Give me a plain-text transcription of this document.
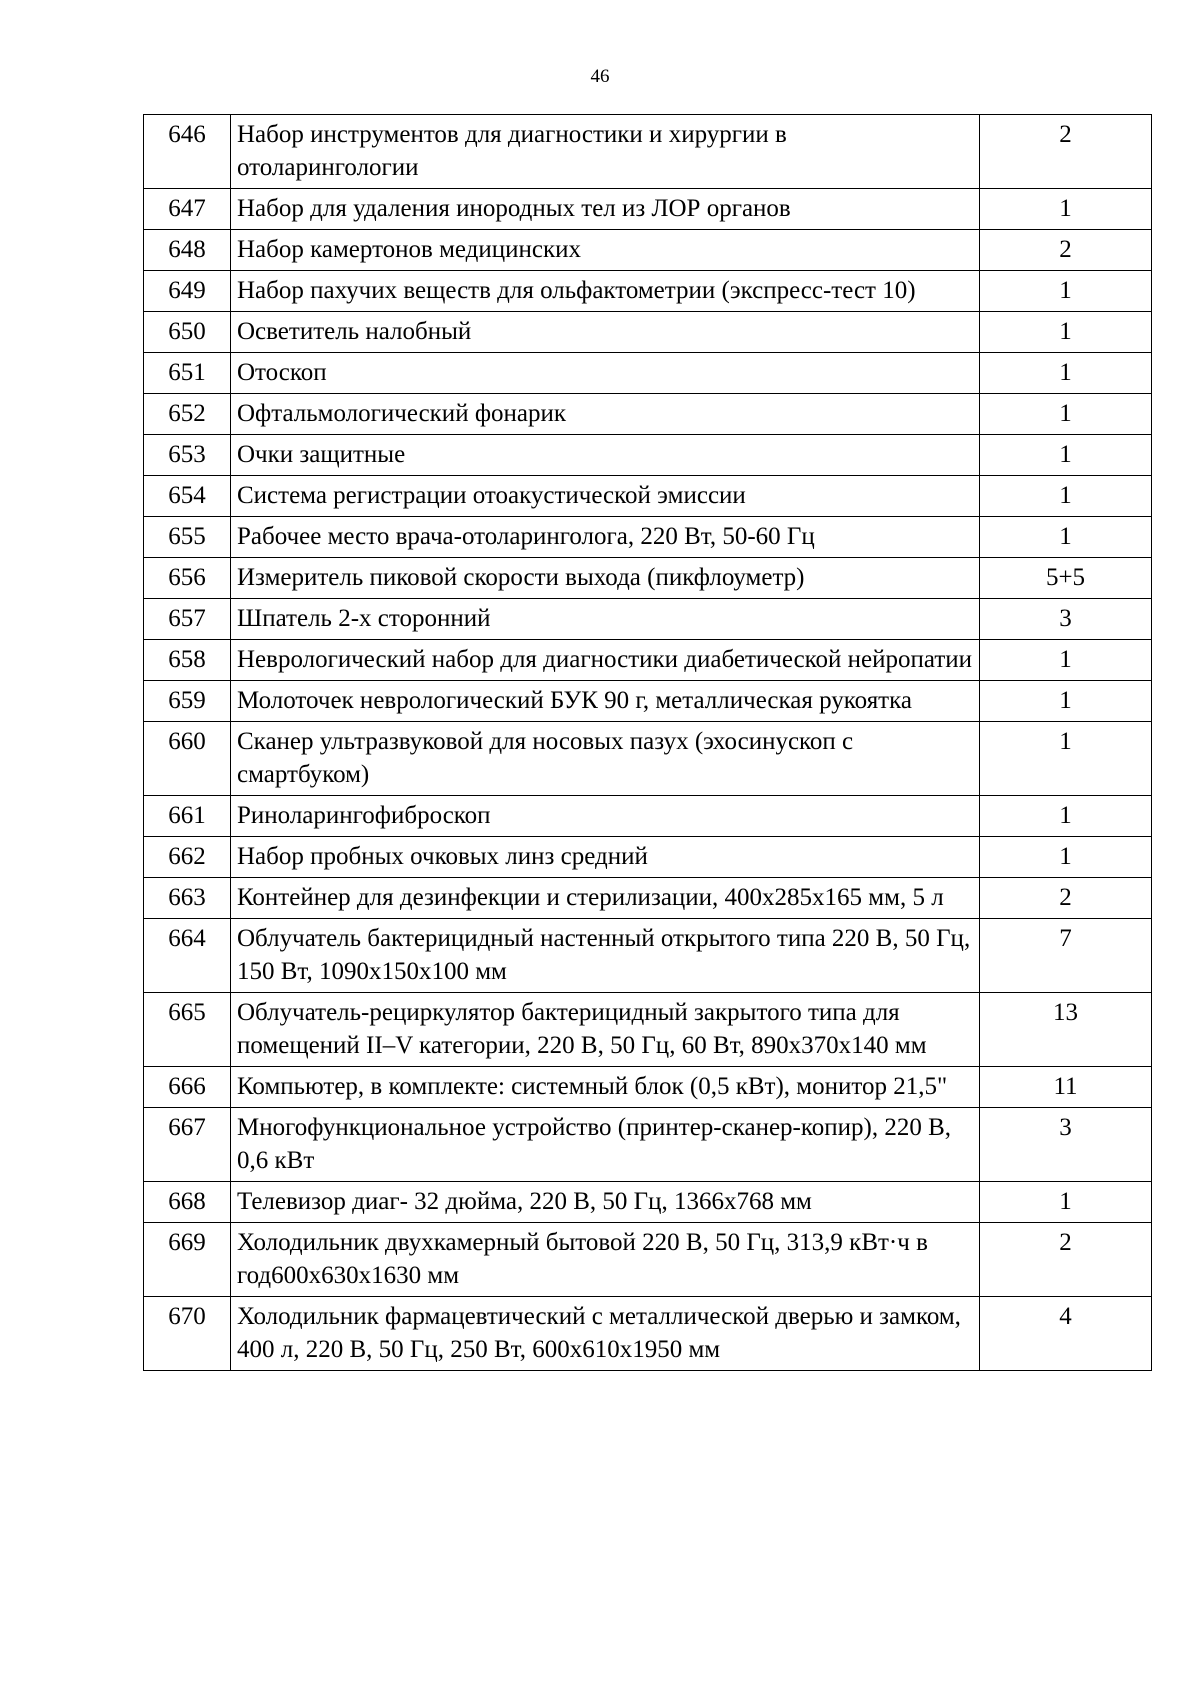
46
646	Набор инструментов для диагностики и хирургии в отоларингологии	2
647	Набор для удаления инородных тел из ЛОР органов	1
648	Набор камертонов медицинских	2
649	Набор пахучих веществ для ольфактометрии (экспресс-тест 10)	1
650	Осветитель налобный	1
651	Отоскоп	1
652	Офтальмологический фонарик	1
653	Очки защитные	1
654	Система регистрации отоакустической эмиссии	1
655	Рабочее место врача-отоларинголога, 220 Вт, 50-60 Гц	1
656	Измеритель пиковой скорости выхода (пикфлоуметр)	5+5
657	Шпатель 2-х сторонний	3
658	Неврологический набор для диагностики диабетической нейропатии	1
659	Молоточек неврологический БУК 90 г, металлическая рукоятка	1
660	Сканер ультразвуковой для носовых пазух (эхосинускоп с смартбуком)	1
661	Риноларингофиброскоп	1
662	Набор пробных очковых линз средний	1
663	Контейнер для дезинфекции и стерилизации, 400x285x165 мм, 5 л	2
664	Облучатель бактерицидный настенный открытого типа 220 В, 50 Гц, 150 Вт, 1090x150x100 мм	7
665	Облучатель-рециркулятор бактерицидный закрытого типа для помещений II–V категории, 220 В, 50 Гц, 60 Вт, 890x370x140 мм	13
666	Компьютер, в комплекте: системный блок (0,5 кВт), монитор 21,5"	11
667	Многофункциональное устройство (принтер-сканер-копир), 220 В, 0,6 кВт	3
668	Телевизор диаг- 32 дюйма, 220 В, 50 Гц, 1366x768 мм	1
669	Холодильник двухкамерный бытовой 220 В, 50 Гц, 313,9 кВт·ч в год600x630x1630 мм	2
670	Холодильник фармацевтический с металлической дверью и замком, 400 л, 220 В, 50 Гц, 250 Вт, 600x610x1950 мм	4
